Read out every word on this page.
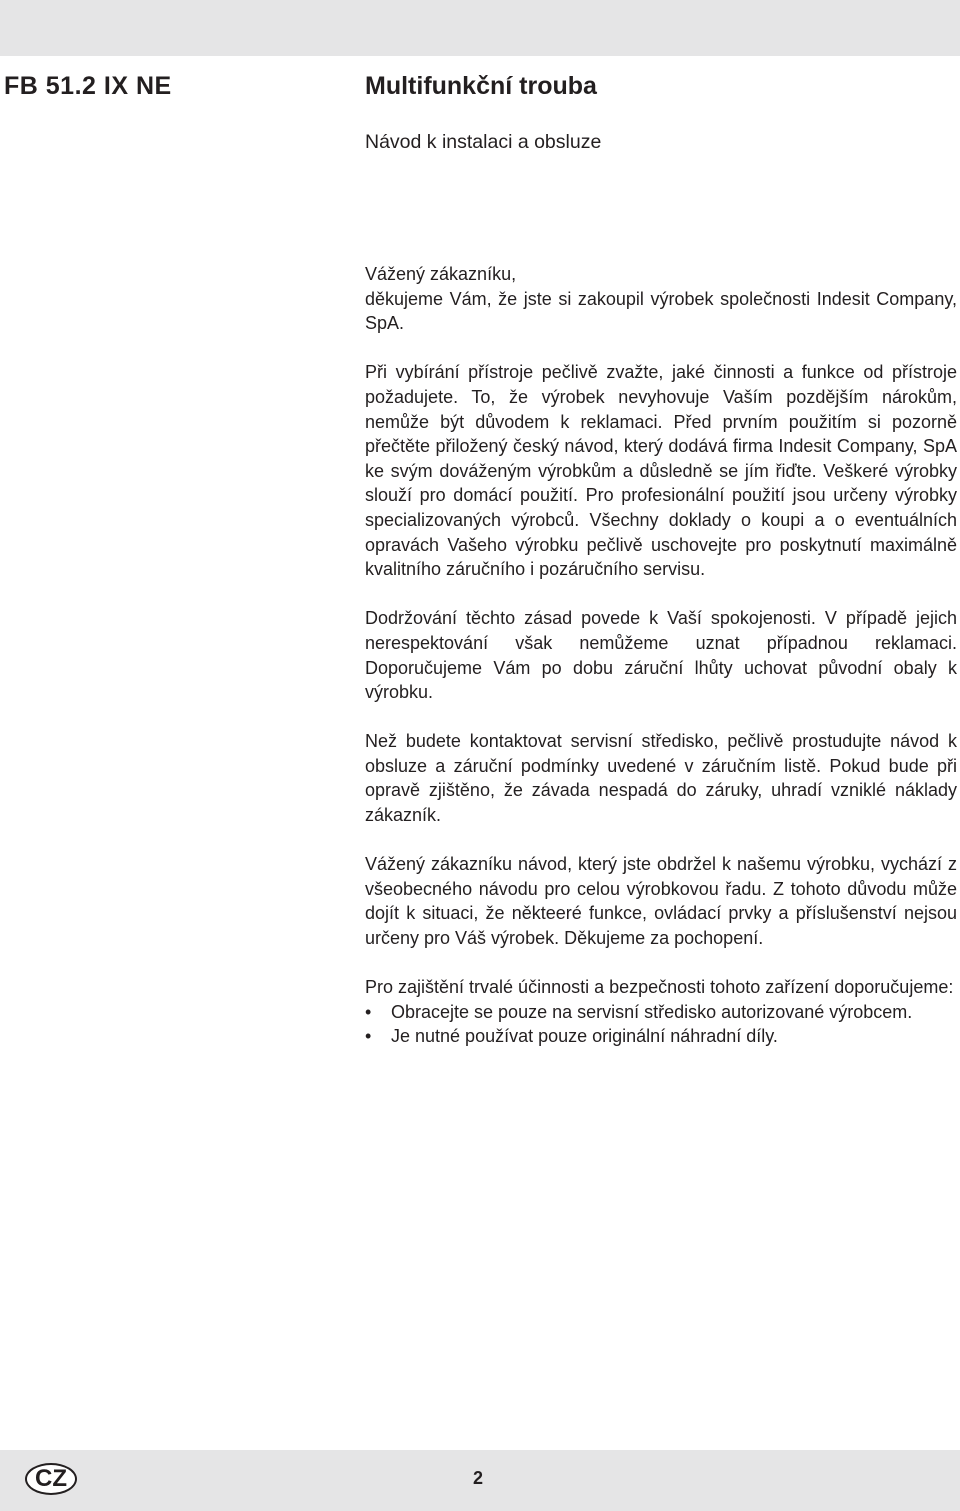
FB 51.2 IX NE	Multifunkční trouba
Návod k instalaci a obsluze

Vážený zákazníku,

děkujeme Vám, že jste si zakoupil výrobek společnosti Indesit Company, SpA.

Při vybírání přístroje pečlivě zvažte, jaké činnosti a funkce od přístroje požadujete. To, že výrobek nevyhovuje Vaším pozdějším nárokům, nemůže být důvodem k reklamaci. Před prvním použitím si pozorně přečtěte přiložený český návod, který dodává firma Indesit Company, SpA ke svým dováženým výrobkům a důsledně se jím řiďte. Veškeré výrobky slouží pro domácí použití. Pro profesionální použití jsou určeny výrobky specializovaných výrobců. Všechny doklady o koupi a o eventuálních opravách Vašeho výrobku pečlivě uschovejte pro poskytnutí maximálně kvalitního záručního i pozáručního servisu.

Dodržování těchto zásad povede k Vaší spokojenosti. V případě jejich nerespektování však nemůžeme uznat případnou reklamaci. Doporučujeme Vám po dobu záruční lhůty uchovat původní obaly k výrobku.

Než budete kontaktovat servisní středisko, pečlivě prostudujte návod k obsluze a záruční podmínky uvedené v záručním listě. Pokud bude při opravě zjištěno, že závada nespadá do záruky, uhradí vzniklé náklady zákazník.

Vážený zákazníku návod, který jste obdržel k našemu výrobku, vychází z všeobecného návodu pro celou výrobkovou řadu. Z tohoto důvodu může dojít k situaci, že někteeré funkce, ovládací prvky a příslušenství nejsou určeny pro Váš výrobek. Děkujeme za pochopení.

Pro zajištění trvalé účinnosti a bezpečnosti tohoto zařízení doporučujeme:

• Obracejte se pouze na servisní středisko autorizované výrobcem.
• Je nutné používat pouze originální náhradní díly.
CZ	2
